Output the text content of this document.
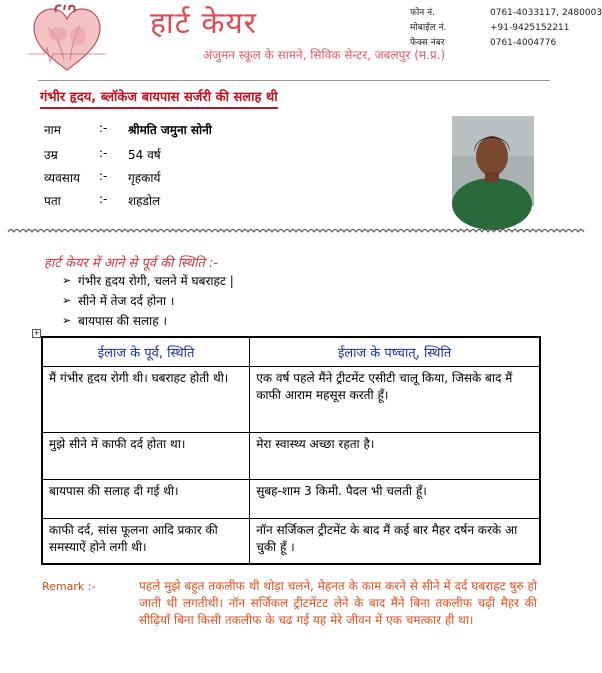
हार्ट केयर
अंजुमन स्कूल के सामने, सिविक सेन्टर, जबलपुर (म.प्र.)
फोन नं.	0761-4033117, 2480003
मोबाईल नं.	+91-9425152211
फेक्स नंबर	0761-4004776
गंभीर हृदय, ब्लॉकेज बायपास सर्जरी की सलाह थी
नाम	:- श्रीमति जमुना सोनी
उम्र	:- 54 वर्ष
व्यवसाय :- गृहकार्य
पता	:- शहडोल
हार्ट केयर में आने से पूर्व की स्थिति :-
➢ गंभीर हृदय रोगी, चलने में घबराहट |
➢ सीने में तेज दर्द होना ।
➢ बायपास की सलाह ।
+
ईलाज के पूर्व, स्थिति	ईलाज के पष्चात्, स्थिति
मैं गंभीर हृदय रोगी थी। घबराहट होती थी।	एक वर्ष पहले मैंने ट्रीटमेंट एसीटी चालू किया, जिसके बाद मैं काफी आराम महसूस करती हूँ।
मुझे सीने में काफी दर्द होता था।	मेरा स्वास्थ्य अच्छा रहता है।
बायपास की सलाह दी गई थी।	सुबह-शाम 3 किमी. पैदल भी चलती हूँ।
काफी दर्द, सांस फूलना आदि प्रकार की समस्याऐं होने लगी थी।	नॉन सर्जिकल ट्रीटमेंट के बाद मैं कई बार मैहर दर्षन करके आ चुकी हूँ ।
Remark :-	पहले मुझे बहुत तकलीफ थी थोड़ा चलने, मेहनत के काम करने से सीने में दर्द घबराहट षुरु हो जाती थी लगतीथी। नॉन सर्जिकल ट्रीटमेंटट लेने के बाद मैंने बिना तकलीफ चढ़ी मैहर की सीढ़ियॉं बिना किसी तकलीफ के चढ गई यह मेरे जीवन में एक चमत्कार ही था।
